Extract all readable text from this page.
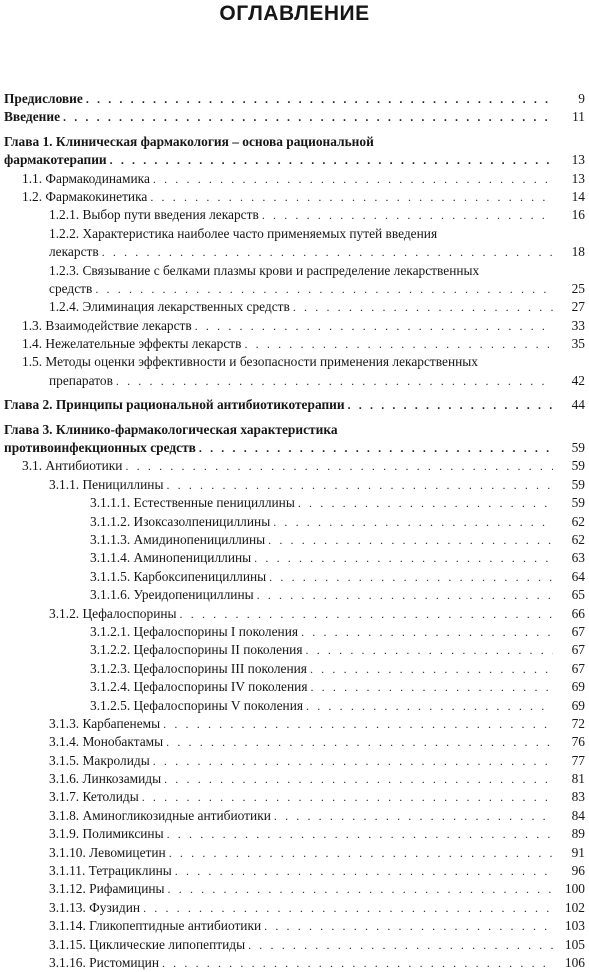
ОГЛАВЛЕНИЕ
Предисловие . . .	9
Введение . . .	11
Глава 1. Клиническая фармакология – основа рациональной
фармакотерапии . . .	13
1.1. Фармакодинамика . . .	13
1.2. Фармакокинетика . . .	14
1.2.1. Выбор пути введения лекарств . . .	16
1.2.2. Характеристика наиболее часто применяемых путей введения
лекарств . . .	18
1.2.3. Связывание с белками плазмы крови и распределение лекарственных
средств . . .	25
1.2.4. Элиминация лекарственных средств . . .	27
1.3. Взаимодействие лекарств . . .	33
1.4. Нежелательные эффекты лекарств . . .	35
1.5. Методы оценки эффективности и безопасности применения лекарственных
препаратов . . .	42
Глава 2. Принципы рациональной антибиотикотерапии . . .	44
Глава 3. Клинико-фармакологическая характеристика
противоинфекционных средств . . .	59
3.1. Антибиотики . . .	59
3.1.1. Пенициллины . . .	59
3.1.1.1. Естественные пенициллины . . .	59
3.1.1.2. Изоксазолпенициллины . . .	62
3.1.1.3. Амидинопенициллины . . .	62
3.1.1.4. Аминопенициллины . . .	63
3.1.1.5. Карбоксипенициллины . . .	64
3.1.1.6. Уреидопенициллины . . .	65
3.1.2. Цефалоспорины . . .	66
3.1.2.1. Цефалоспорины I поколения . . .	67
3.1.2.2. Цефалоспорины II поколения . . .	67
3.1.2.3. Цефалоспорины III поколения . . .	67
3.1.2.4. Цефалоспорины IV поколения . . .	69
3.1.2.5. Цефалоспорины V поколения . . .	69
3.1.3. Карбапенемы . . .	72
3.1.4. Монобактамы . . .	76
3.1.5. Макролиды . . .	77
3.1.6. Линкозамиды . . .	81
3.1.7. Кетолиды . . .	83
3.1.8. Аминогликозидные антибиотики . . .	84
3.1.9. Полимиксины . . .	89
3.1.10. Левомицетин . . .	91
3.1.11. Тетрациклины . . .	96
3.1.12. Рифамицины . . .	100
3.1.13. Фузидин . . .	102
3.1.14. Гликопептидные антибиотики . . .	103
3.1.15. Циклические липопептиды . . .	105
3.1.16. Ристомицин . . .	106
